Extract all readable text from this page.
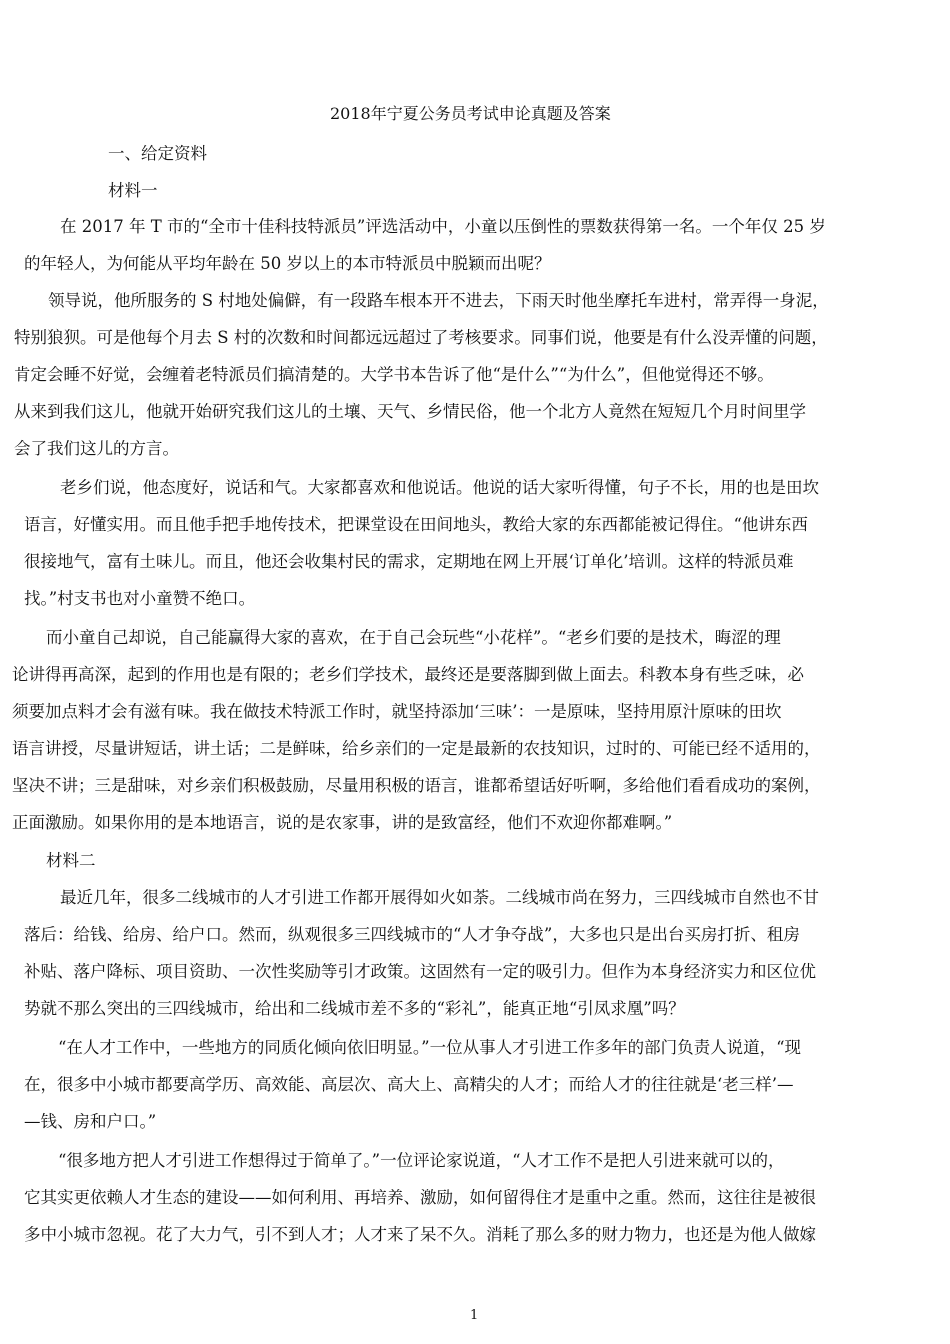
2018年宁夏公务员考试申论真题及答案
一、给定资料
材料一
在 2017 年 T 市的“全市十佳科技特派员”评选活动中，小童以压倒性的票数获得第一名。一个年仅 25 岁
的年轻人，为何能从平均年龄在 50 岁以上的本市特派员中脱颖而出呢？
领导说，他所服务的 S 村地处偏僻，有一段路车根本开不进去，下雨天时他坐摩托车进村，常弄得一身泥，
特别狼狈。可是他每个月去 S 村的次数和时间都远远超过了考核要求。同事们说，他要是有什么没弄懂的问题，
肯定会睡不好觉，会缠着老特派员们搞清楚的。大学书本告诉了他“是什么”“为什么”，但他觉得还不够。
从来到我们这儿，他就开始研究我们这儿的土壤、天气、乡情民俗，他一个北方人竟然在短短几个月时间里学
会了我们这儿的方言。
老乡们说，他态度好，说话和气。大家都喜欢和他说话。他说的话大家听得懂，句子不长，用的也是田坎
语言，好懂实用。而且他手把手地传技术，把课堂设在田间地头，教给大家的东西都能被记得住。“他讲东西
很接地气，富有土味儿。而且，他还会收集村民的需求，定期地在网上开展‘订单化’培训。这样的特派员难
找。”村支书也对小童赞不绝口。
而小童自己却说，自己能赢得大家的喜欢，在于自己会玩些“小花样”。“老乡们要的是技术，晦涩的理
论讲得再高深，起到的作用也是有限的；老乡们学技术，最终还是要落脚到做上面去。科教本身有些乏味，必
须要加点料才会有滋有味。我在做技术特派工作时，就坚持添加‘三味’：一是原味，坚持用原汁原味的田坎
语言讲授，尽量讲短话，讲土话；二是鲜味，给乡亲们的一定是最新的农技知识，过时的、可能已经不适用的，
坚决不讲；三是甜味，对乡亲们积极鼓励，尽量用积极的语言，谁都希望话好听啊，多给他们看看成功的案例，
正面激励。如果你用的是本地语言，说的是农家事，讲的是致富经，他们不欢迎你都难啊。”
材料二
最近几年，很多二线城市的人才引进工作都开展得如火如荼。二线城市尚在努力，三四线城市自然也不甘
落后：给钱、给房、给户口。然而，纵观很多三四线城市的“人才争夺战”，大多也只是出台买房打折、租房
补贴、落户降标、项目资助、一次性奖励等引才政策。这固然有一定的吸引力。但作为本身经济实力和区位优
势就不那么突出的三四线城市，给出和二线城市差不多的“彩礼”，能真正地“引凤求凰”吗？
“在人才工作中，一些地方的同质化倾向依旧明显。”一位从事人才引进工作多年的部门负责人说道，“现
在，很多中小城市都要高学历、高效能、高层次、高大上、高精尖的人才；而给人才的往往就是‘老三样’—
—钱、房和户口。”
“很多地方把人才引进工作想得过于简单了。”一位评论家说道，“人才工作不是把人引进来就可以的，
它其实更依赖人才生态的建设——如何利用、再培养、激励，如何留得住才是重中之重。然而，这往往是被很
多中小城市忽视。花了大力气，引不到人才；人才来了呆不久。消耗了那么多的财力物力，也还是为他人做嫁
1
